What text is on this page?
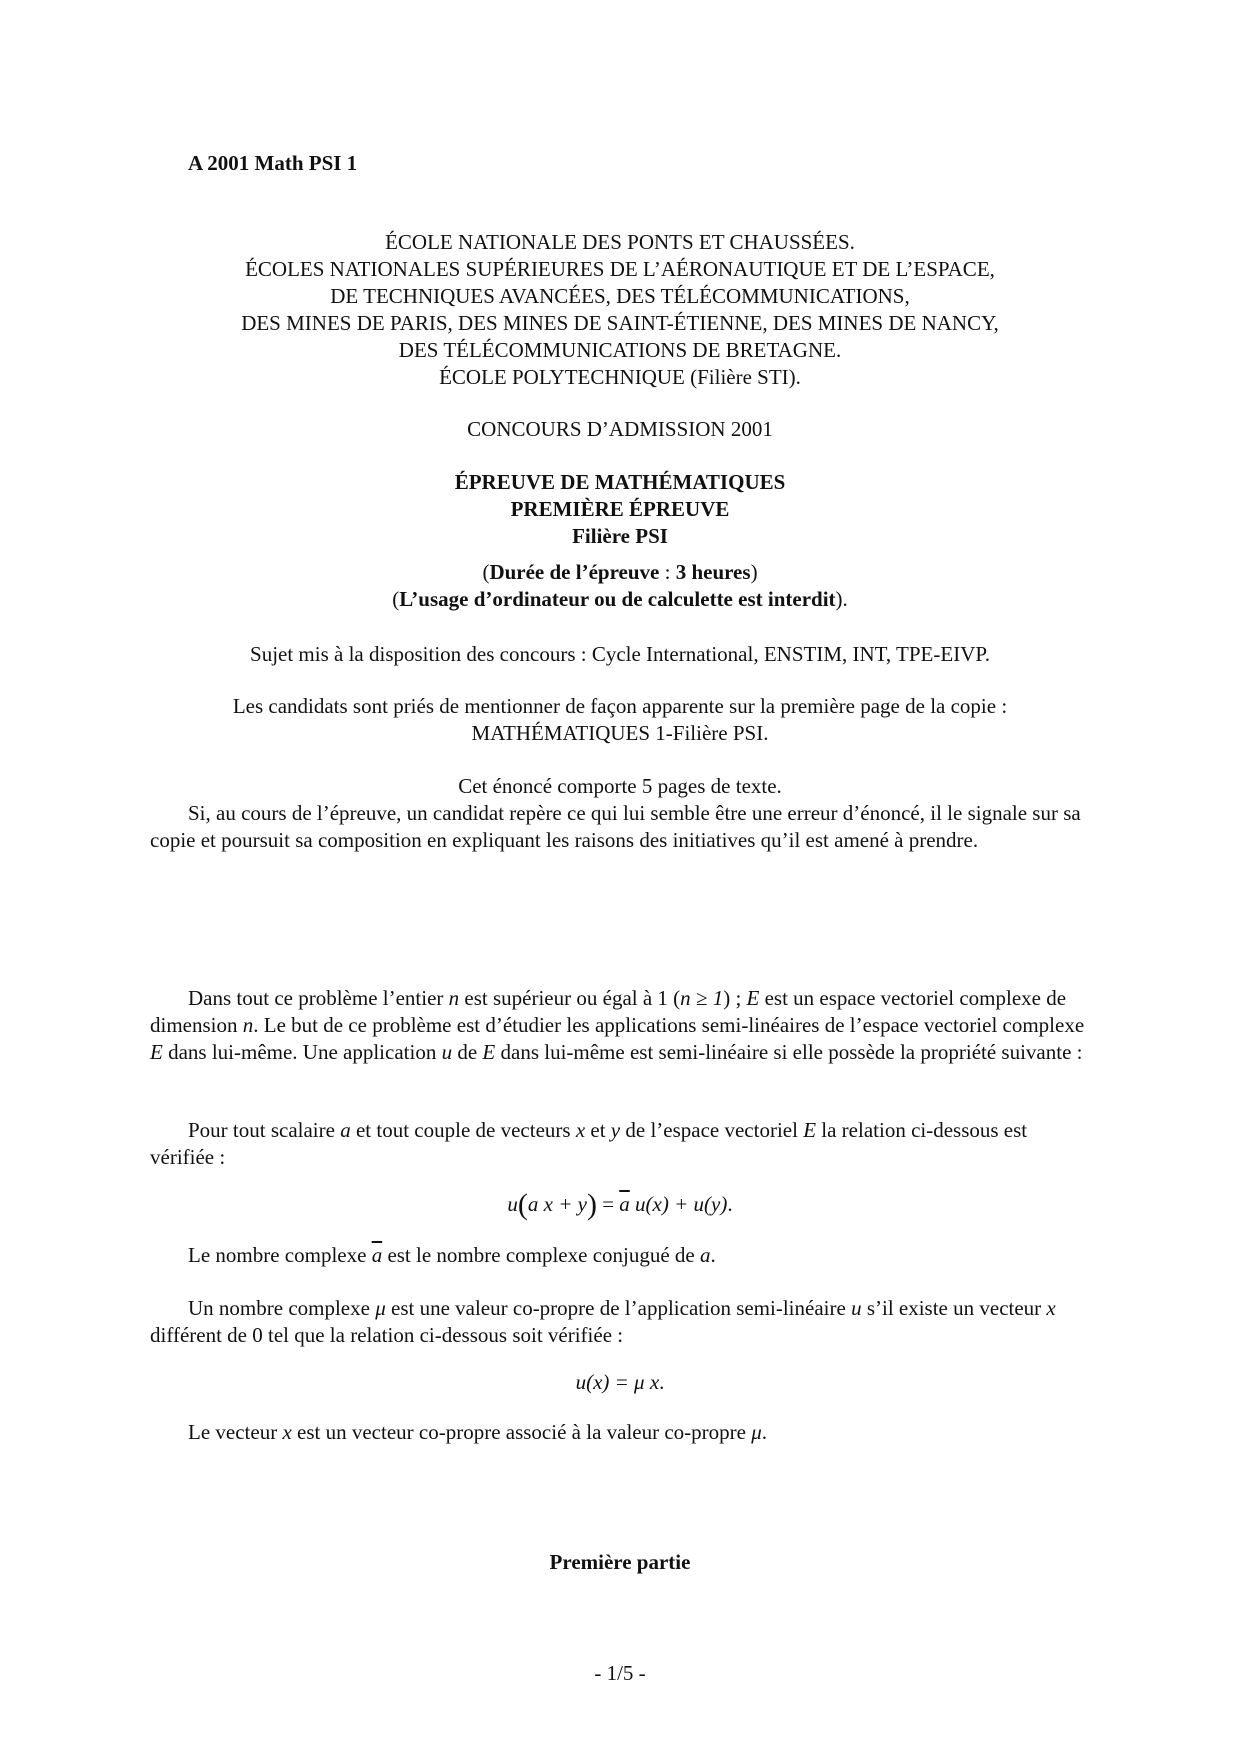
A 2001 Math PSI 1
ÉCOLE NATIONALE DES PONTS ET CHAUSSÉES.
ÉCOLES NATIONALES SUPÉRIEURES DE L’AÉRONAUTIQUE ET DE L’ESPACE,
DE TECHNIQUES AVANCÉES, DES TÉLÉCOMMUNICATIONS,
DES MINES DE PARIS, DES MINES DE SAINT-ÉTIENNE, DES MINES DE NANCY,
DES TÉLÉCOMMUNICATIONS DE BRETAGNE.
ÉCOLE POLYTECHNIQUE (Filière STI).
CONCOURS D’ADMISSION 2001
ÉPREUVE DE MATHÉMATIQUES
PREMIÈRE ÉPREUVE
Filière PSI
(Durée de l’épreuve : 3 heures)
(L’usage d’ordinateur ou de calculette est interdit).
Sujet mis à la disposition des concours : Cycle International, ENSTIM, INT, TPE-EIVP.
Les candidats sont priés de mentionner de façon apparente sur la première page de la copie :
MATHÉMATIQUES 1-Filière PSI.
Cet énoncé comporte 5 pages de texte.
Si, au cours de l’épreuve, un candidat repère ce qui lui semble être une erreur d’énoncé, il le signale sur sa copie et poursuit sa composition en expliquant les raisons des initiatives qu’il est amené à prendre.
Dans tout ce problème l’entier n est supérieur ou égal à 1 (n ≥ 1) ; E est un espace vectoriel complexe de dimension n. Le but de ce problème est d’étudier les applications semi-linéaires de l’espace vectoriel complexe E dans lui-même. Une application u de E dans lui-même est semi-linéaire si elle possède la propriété suivante :
Pour tout scalaire a et tout couple de vecteurs x et y de l’espace vectoriel E la relation ci-dessous est vérifiée :
u(a $x + y) = \overline{a}$ u(x) + u(y).
Le nombre complexe $\overline{a}$ est le nombre complexe conjugué de a.
Un nombre complexe μ est une valeur co-propre de l’application semi-linéaire u s’il existe un vecteur x différent de 0 tel que la relation ci-dessous soit vérifiée :
u(x) = μ x.
Le vecteur x est un vecteur co-propre associé à la valeur co-propre μ.
Première partie
- 1/5 -
